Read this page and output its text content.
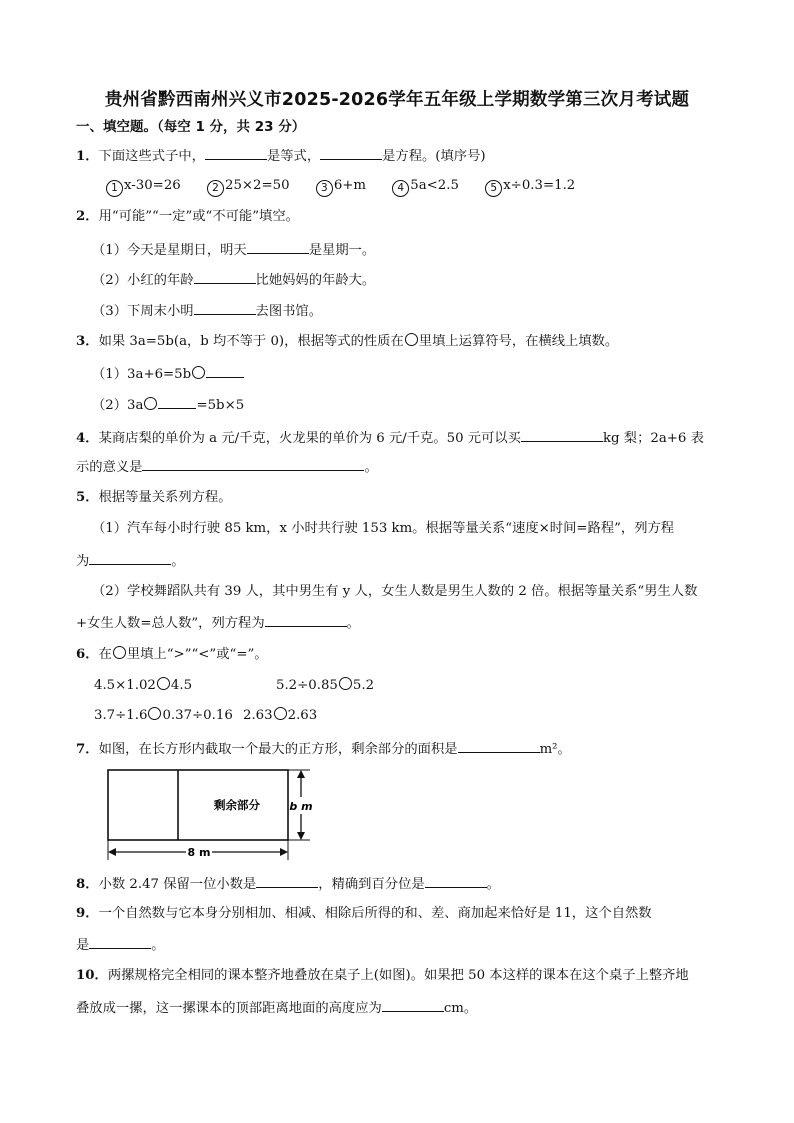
贵州省黔西南州兴义市2025-2026学年五年级上学期数学第三次月考试题
一、填空题。（每空 1 分，共 23 分）
1．下面这些式子中，	是等式，	是方程。(填序号)
1 x-30=26	2 25×2=50	3 6+m	4 5a<2.5	5 x÷0.3=1.2
2．用“可能”“一定”或“不可能”填空。
（1）今天是星期日，明天	是星期一。
（2）小红的年龄	比她妈妈的年龄大。
（3）下周末小明	去图书馆。
3．如果 3a=5b(a，b 均不等于 0)，根据等式的性质在 里填上运算符号，在横线上填数。
（1）3a+6=5b
（2）3a	=5b×5
4．某商店梨的单价为 a 元/千克，火龙果的单价为 6 元/千克。50 元可以买	kg 梨；2a+6 表
示的意义是	。
5．根据等量关系列方程。
（1）汽车每小时行驶 85 km，x 小时共行驶 153 km。根据等量关系“速度×时间=路程”，列方程
为	。
（2）学校舞蹈队共有 39 人，其中男生有 y 人，女生人数是男生人数的 2 倍。根据等量关系“男生人数
+女生人数=总人数”，列方程为	。
6．在 里填上“>”“<”或“=”。
4.5×1.02 4.5	5.2÷0.85 5.2
3.7÷1.6 0.37÷0.16 2.63 2.63
7．如图，在长方形内截取一个最大的正方形，剩余部分的面积是	m²。
剩余部分	b m
8 m
8．小数 2.47 保留一位小数是	，精确到百分位是	。
9．一个自然数与它本身分别相加、相减、相除后所得的和、差、商加起来恰好是 11，这个自然数
是	。
10．两摞规格完全相同的课本整齐地叠放在桌子上(如图)。如果把 50 本这样的课本在这个桌子上整齐地
叠放成一摞，这一摞课本的顶部距离地面的高度应为	cm。
